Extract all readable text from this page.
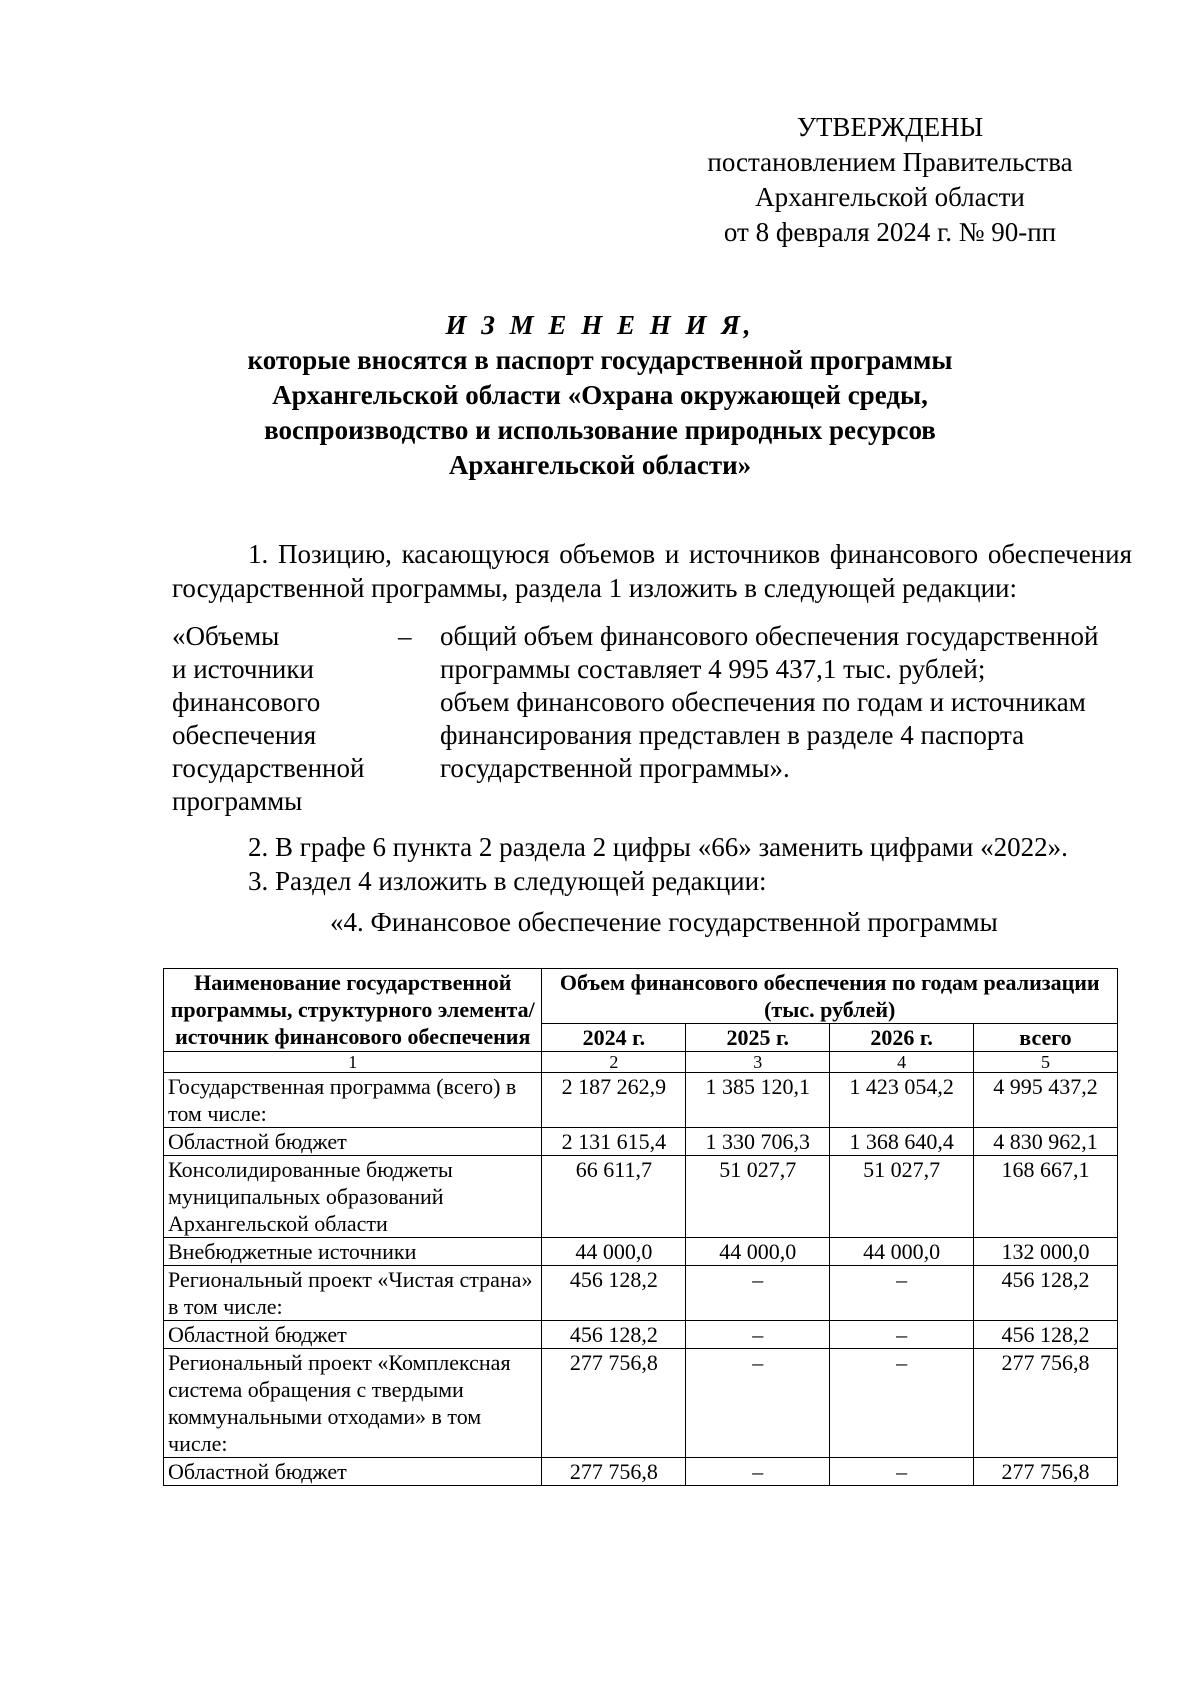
УТВЕРЖДЕНЫ
постановлением Правительства
Архангельской области
от 8 февраля 2024 г. № 90-пп
И З М Е Н Е Н И Я,
которые вносятся в паспорт государственной программы
Архангельской области «Охрана окружающей среды,
воспроизводство и использование природных ресурсов
Архангельской области»
1. Позицию, касающуюся объемов и источников финансового обеспечения государственной программы, раздела 1 изложить в следующей редакции:
«Объемы
и источники
финансового
обеспечения
государственной
программы
– общий объем финансового обеспечения государственной программы составляет 4 995 437,1 тыс. рублей;
объем финансового обеспечения по годам и источникам финансирования представлен в разделе 4 паспорта государственной программы».
2. В графе 6 пункта 2 раздела 2 цифры «66» заменить цифрами «2022».
3. Раздел 4 изложить в следующей редакции:
«4. Финансовое обеспечение государственной программы
Наименование государственной программы, структурного элемента/источник финансового обеспечения	Объем финансового обеспечения по годам реализации (тыс. рублей)			
	2024 г.	2025 г.	2026 г.	всего
1	2	3	4	5
Государственная программа (всего) в том числе:	2 187 262,9	1 385 120,1	1 423 054,2	4 995 437,2
Областной бюджет	2 131 615,4	1 330 706,3	1 368 640,4	4 830 962,1
Консолидированные бюджеты муниципальных образований Архангельской области	66 611,7	51 027,7	51 027,7	168 667,1
Внебюджетные источники	44 000,0	44 000,0	44 000,0	132 000,0
Региональный проект «Чистая страна» в том числе:	456 128,2	–	–	456 128,2
Областной бюджет	456 128,2	–	–	456 128,2
Региональный проект «Комплексная система обращения с твердыми коммунальными отходами» в том числе:	277 756,8	–	–	277 756,8
Областной бюджет	277 756,8	–	–	277 756,8
